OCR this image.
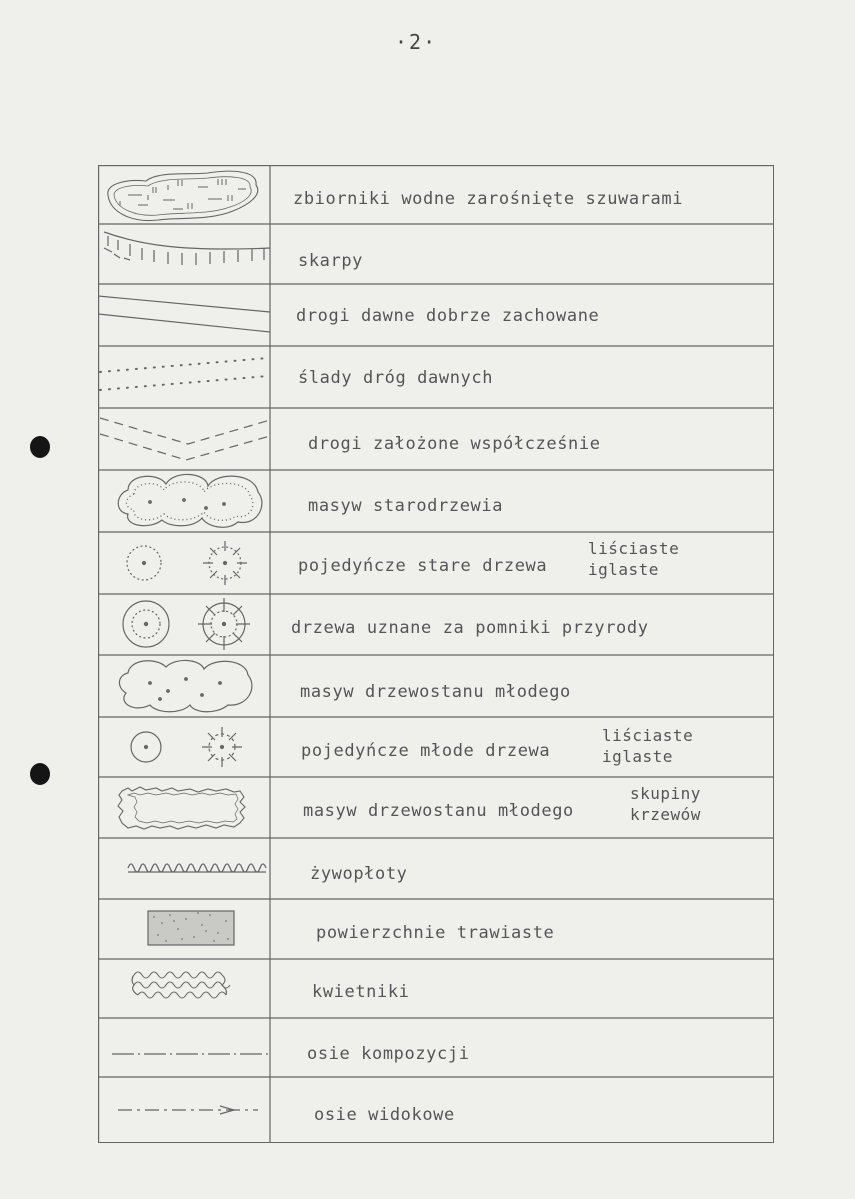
·2·
zbiorniki wodne zarośnięte szuwarami
skarpy
drogi dawne dobrze zachowane
ślady dróg dawnych
drogi założone współcześnie
masyw starodrzewia
pojedyńcze stare drzewa
liściaste
iglaste
drzewa uznane za pomniki przyrody
masyw drzewostanu młodego
pojedyńcze młode drzewa
liściaste
iglaste
masyw drzewostanu młodego
skupiny
krzewów
żywopłoty
powierzchnie trawiaste
kwietniki
osie kompozycji
osie widokowe
